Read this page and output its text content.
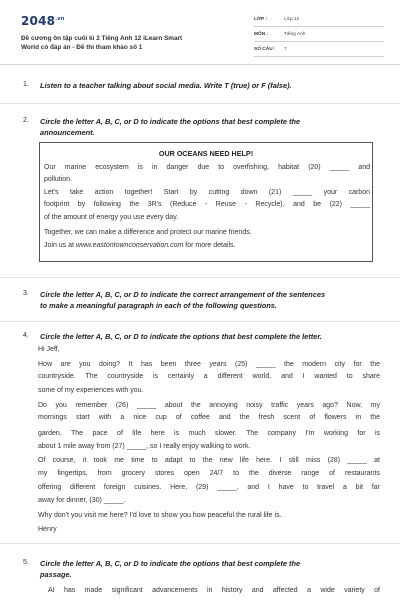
$2048^{.vn}$
Đề cương ôn tập cuối kì 2 Tiếng Anh 12 iLearn Smart
World có đáp án - Đề thi tham khảo số 1
LỚP :	Lớp 12
MÔN :	Tiếng Anh
SỐ CÂU : 7
1. Listen to a teacher talking about social media. Write T (true) or F (false).
2. Circle the letter A, B, C, or D to indicate the options that best complete the
announcement.
OUR OCEANS NEED HELP!
Our marine ecosystem is in danger due to overfishing, habitat (20) _____ and
pollution.
Let's take action together! Start by cutting down (21) _____ your carbon
footprint by following the 3R's (Reduce - Reuse - Recycle), and be (22) _____
of the amount of energy you use every day.
Together, we can make a difference and protect our marine friends.
Join us at www.eastontownconservation.com for more details.
3. Circle the letter A, B, C, or D to indicate the correct arrangement of the sentences
to make a meaningful paragraph in each of the following questions.
4. Circle the letter A, B, C, or D to indicate the options that best complete the letter.
Hi Jeff,
How are you doing? It has been three years (25) _____ the modern city for the
countryside. The countryside is certainly a different world, and I wanted to share
some of my experiences with you.
Do you remember (26) _____ about the annoying noisy traffic years ago? Now, my
mornings start with a nice cup of coffee and the fresh scent of flowers in the
garden. The pace of life here is much slower. The company I'm working for is
about 1 mile away from (27) _____, so I really enjoy walking to work.
Of course, it took me time to adapt to the new life here. I still miss (28) _____ at
my fingertips, from grocery stores open 24/7 to the diverse range of restaurants
offering different foreign cuisines. Here, (29) _____, and I have to travel a bit far
away for dinner, (30) _____.
Why don't you visit me here? I'd love to show you how peaceful the rural life is.
Henry
5. Circle the letter A, B, C, or D to indicate the options that best complete the
passage.
AI has made significant advancements in history and affected a wide variety of
